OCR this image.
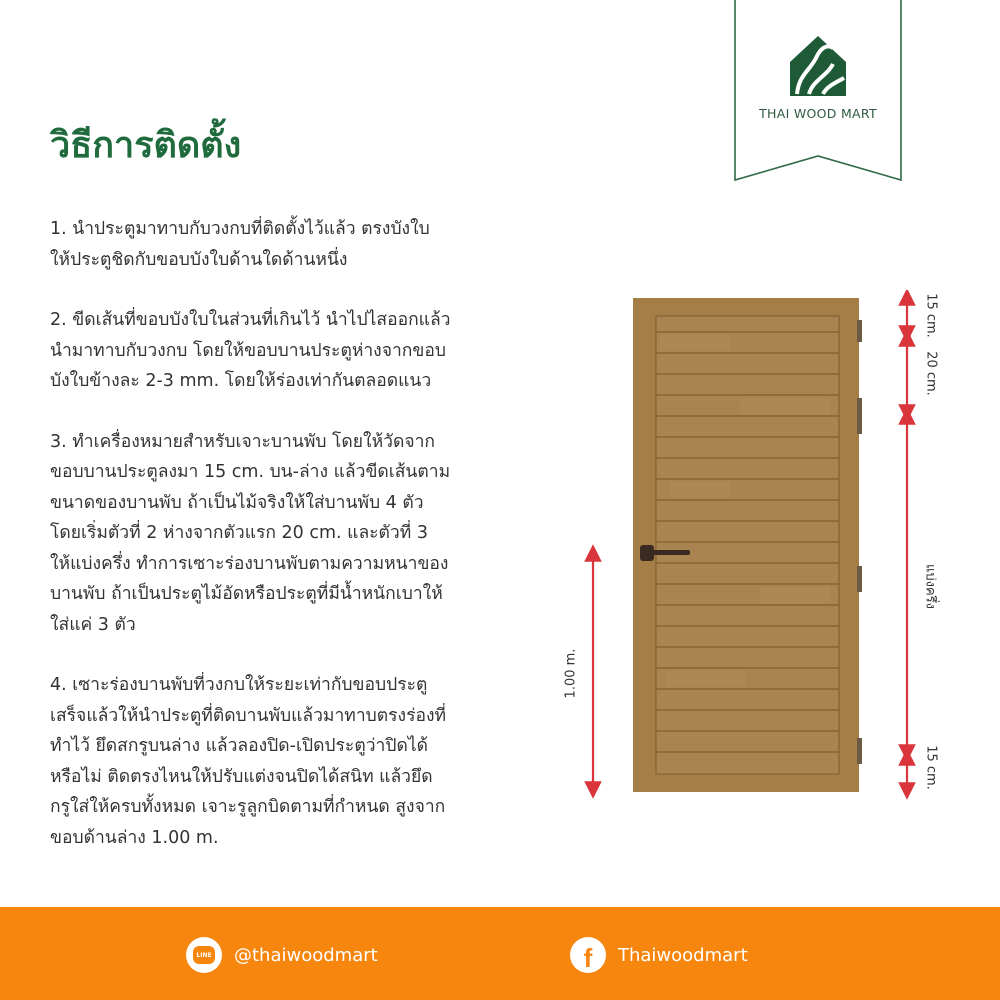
THAI WOOD MART
วิธีการติดตั้ง

1. นำประตูมาทาบกับวงกบที่ติดตั้งไว้แล้ว ตรงบังใบ

ให้ประตูชิดกับขอบบังใบด้านใดด้านหนึ่ง

2. ขีดเส้นที่ขอบบังใบในส่วนที่เกินไว้ นำไปไสออกแล้ว

นำมาทาบกับวงกบ โดยให้ขอบบานประตูห่างจากขอบ

บังใบข้างละ 2-3 mm. โดยให้ร่องเท่ากันตลอดแนว

3. ทำเครื่องหมายสำหรับเจาะบานพับ โดยให้วัดจาก

ขอบบานประตูลงมา 15 cm. บน-ล่าง แล้วขีดเส้นตาม

ขนาดของบานพับ ถ้าเป็นไม้จริงให้ใส่บานพับ 4 ตัว

โดยเริ่มตัวที่ 2 ห่างจากตัวแรก 20 cm. และตัวที่ 3

ให้แบ่งครึ่ง ทำการเซาะร่องบานพับตามความหนาของ

บานพับ ถ้าเป็นประตูไม้อัดหรือประตูที่มีน้ำหนักเบาให้

ใส่แค่ 3 ตัว

4. เซาะร่องบานพับที่วงกบให้ระยะเท่ากับขอบประตู

เสร็จแล้วให้นำประตูที่ติดบานพับแล้วมาทาบตรงร่องที่

ทำไว้ ยึดสกรูบนล่าง แล้วลองปิด-เปิดประตูว่าปิดได้

หรือไม่ ติดตรงไหนให้ปรับแต่งจนปิดได้สนิท แล้วยึด

กรูใส่ให้ครบทั้งหมด เจาะรูลูกบิดตามที่กำหนด สูงจาก

ขอบด้านล่าง 1.00 m.

15 cm.
20 cm.
แบ่งครึ่ง
15 cm.
1.00 m.
LINE @thaiwoodmart	f Thaiwoodmart
